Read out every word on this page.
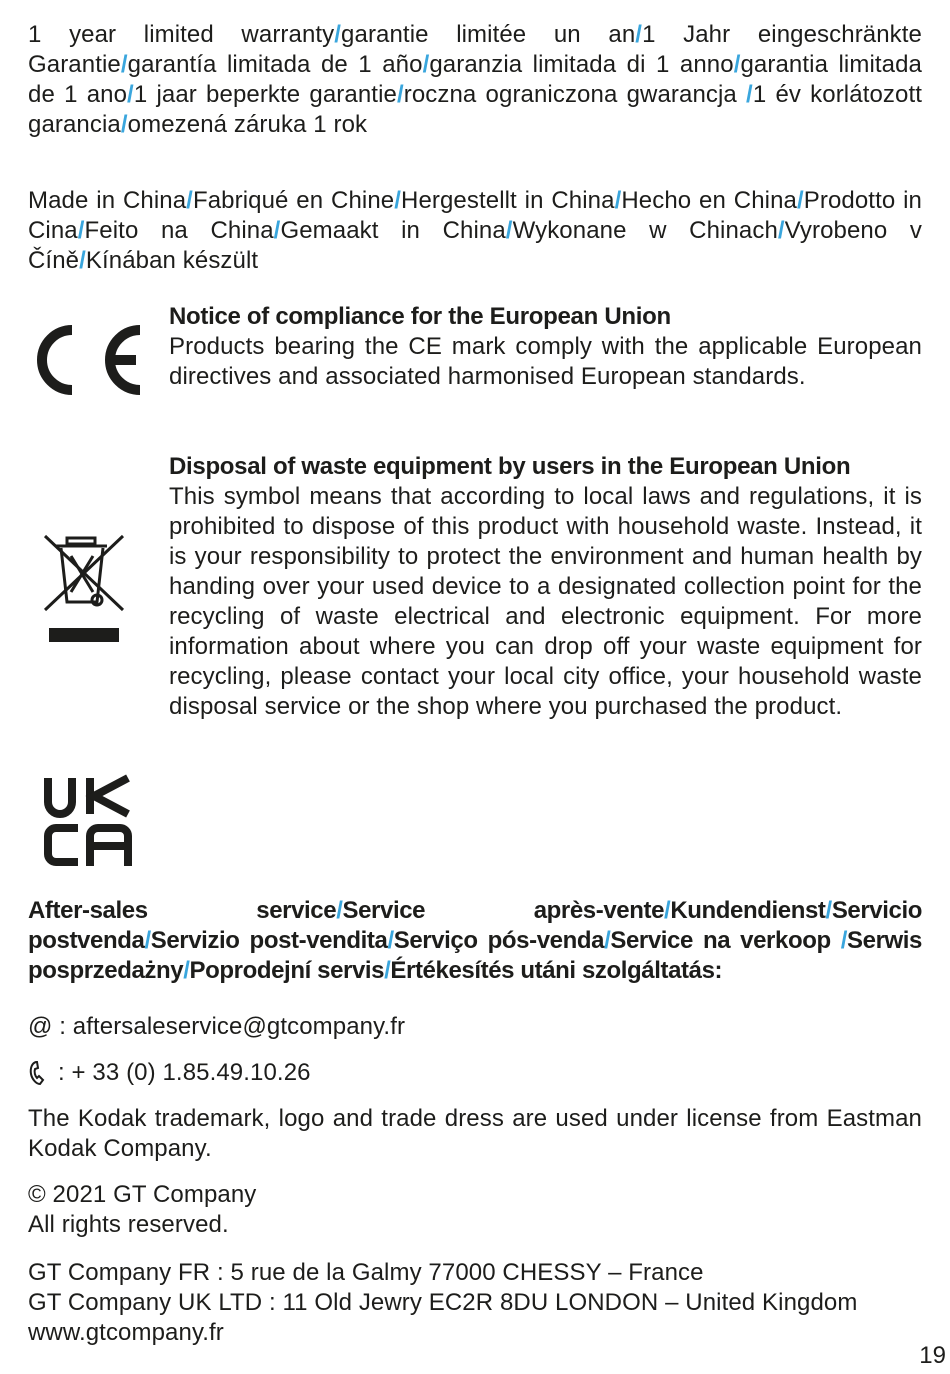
1 year limited warranty/garantie limitée un an/1 Jahr eingeschränkte Garantie/garantía limitada de 1 año/garanzia limitada di 1 anno/garantia limitada de 1 ano/1 jaar beperkte garantie/roczna ograniczona gwarancja /1 év korlátozott garancia/omezená záruka 1 rok

Made in China/Fabriqué en Chine/Hergestellt in China/Hecho en China/Prodotto in Cina/Feito na China/Gemaakt in China/Wykonane w Chinach/Vyrobeno v Číně/Kínában készült

Notice of compliance for the European Union

Products bearing the CE mark comply with the applicable European directives and associated harmonised European standards.

Disposal of waste equipment by users in the European Union

This symbol means that according to local laws and regulations, it is prohibited to dispose of this product with household waste. Instead, it is your responsibility to protect the environment and human health by handing over your used device to a designated collection point for the recycling of waste electrical and electronic equipment. For more information about where you can drop off your waste equipment for recycling, please contact your local city office, your household waste disposal service or the shop where you purchased the product.

After-sales service/Service après-vente/Kundendienst/Servicio postvenda/Servizio post-vendita/Serviço pós-venda/Service na verkoop /Serwis posprzedażny/Poprodejní servis/Értékesítés utáni szolgáltatás:

@ : aftersaleservice@gtcompany.fr

: + 33 (0) 1.85.49.10.26

The Kodak trademark, logo and trade dress are used under license from Eastman Kodak Company.

© 2021 GT Company

All rights reserved.

GT Company FR : 5 rue de la Galmy 77000 CHESSY – France

GT Company UK LTD : 11 Old Jewry EC2R 8DU LONDON – United Kingdom

www.gtcompany.fr

19
